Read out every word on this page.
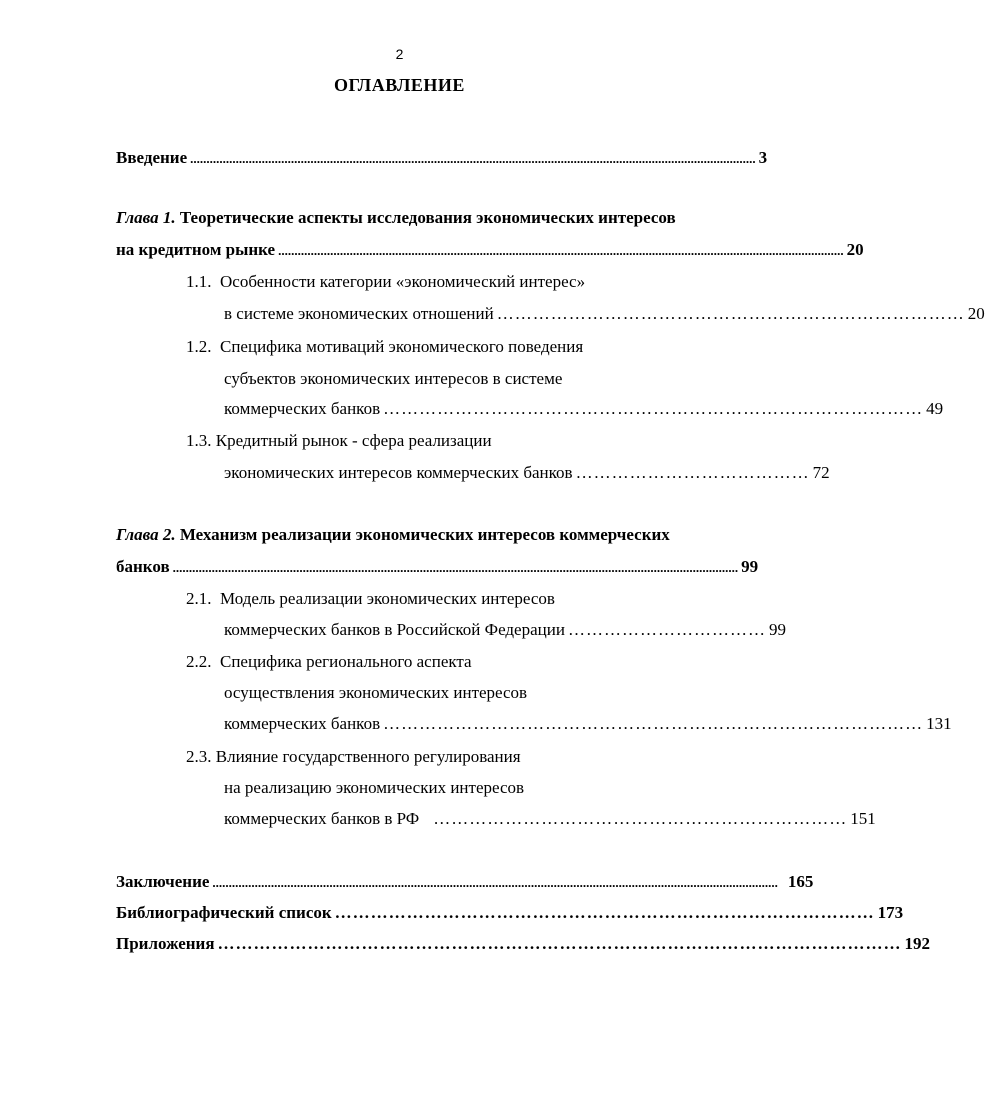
2
ОГЛАВЛЕНИЕ
Введение .............................................................................................................................................................................. 3
Глава 1. Теоретические аспекты исследования экономических интересов
на кредитном рынке .............................................................................................................................................................................. 20
1.1. Особенности категории «экономический интерес»
в системе экономических отношений …………………………………………………………………… 20
1.2. Специфика мотиваций экономического поведения
субъектов экономических интересов в системе
коммерческих банков ……………………………………………………………………………… 49
1.3. Кредитный рынок - сфера реализации
экономических интересов коммерческих банков ………………………………… 72
Глава 2. Механизм реализации экономических интересов коммерческих
банков .............................................................................................................................................................................. 99
2.1. Модель реализации экономических интересов
коммерческих банков в Российской Федерации …………………………… 99
2.2. Специфика регионального аспекта
осуществления экономических интересов
коммерческих банков ……………………………………………………………………………… 131
2.3. Влияние государственного регулирования
на реализацию экономических интересов
коммерческих банков в РФ …………………………………………………………… 151
Заключение .............................................................................................................................................................................. 165
Библиографический список ……………………………………………………………………………… 173
Приложения …………………………………………………………………………………………………… 192
